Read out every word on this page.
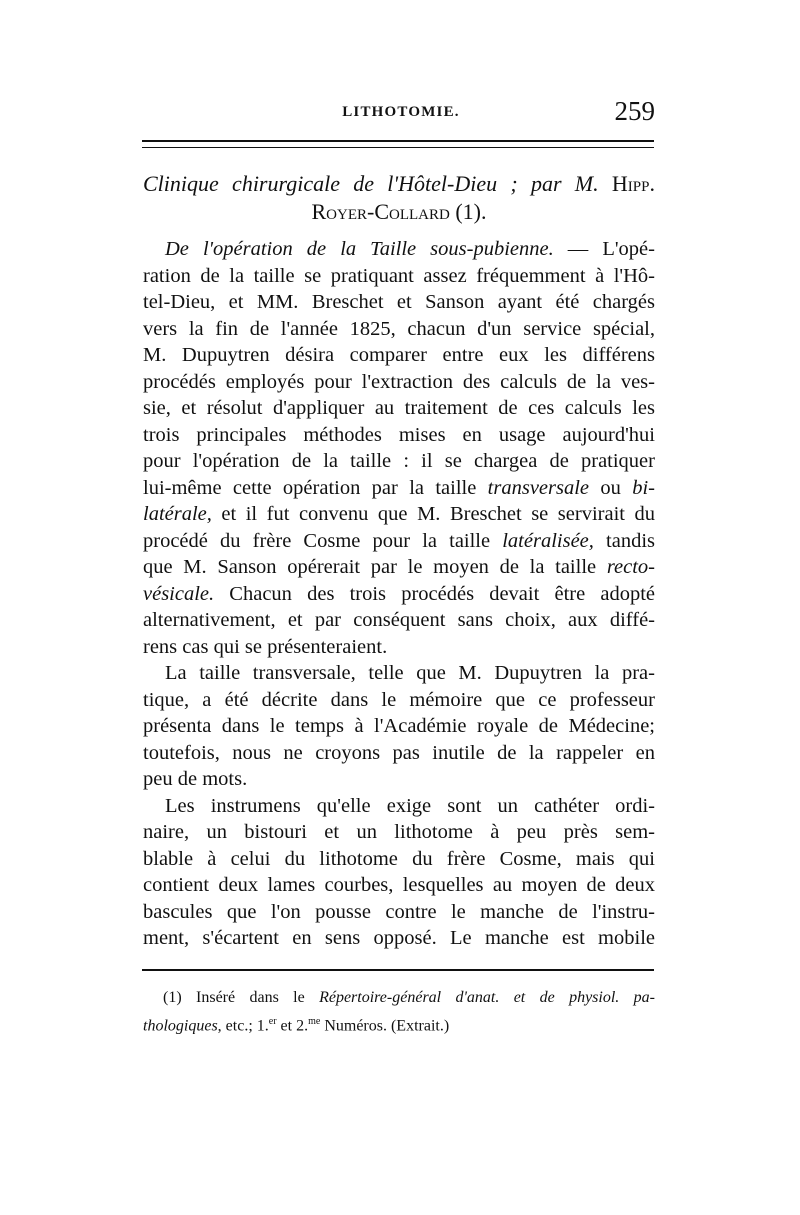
LITHOTOMIE.	259
Clinique chirurgicale de l'Hôtel-Dieu ; par M. Hipp.
Royer-Collard (1).
De l'opération de la Taille sous-pubienne. — L'opé-
ration de la taille se pratiquant assez fréquemment à l'Hô-
tel-Dieu, et MM. Breschet et Sanson ayant été chargés
vers la fin de l'année 1825, chacun d'un service spécial,
M. Dupuytren désira comparer entre eux les différens
procédés employés pour l'extraction des calculs de la ves-
sie, et résolut d'appliquer au traitement de ces calculs les
trois principales méthodes mises en usage aujourd'hui
pour l'opération de la taille : il se chargea de pratiquer
lui-même cette opération par la taille transversale ou bi-
latérale, et il fut convenu que M. Breschet se servirait du
procédé du frère Cosme pour la taille latéralisée, tandis
que M. Sanson opérerait par le moyen de la taille recto-
vésicale. Chacun des trois procédés devait être adopté
alternativement, et par conséquent sans choix, aux diffé-
rens cas qui se présenteraient.
La taille transversale, telle que M. Dupuytren la pra-
tique, a été décrite dans le mémoire que ce professeur
présenta dans le temps à l'Académie royale de Médecine;
toutefois, nous ne croyons pas inutile de la rappeler en
peu de mots.
Les instrumens qu'elle exige sont un cathéter ordi-
naire, un bistouri et un lithotome à peu près sem-
blable à celui du lithotome du frère Cosme, mais qui
contient deux lames courbes, lesquelles au moyen de deux
bascules que l'on pousse contre le manche de l'instru-
ment, s'écartent en sens opposé. Le manche est mobile
(1) Inséré dans le Répertoire-général d'anat. et de physiol. pa-
thologiques, etc.; 1.$^{er}$ et 2.$^{me}$ Numéros. (Extrait.)
